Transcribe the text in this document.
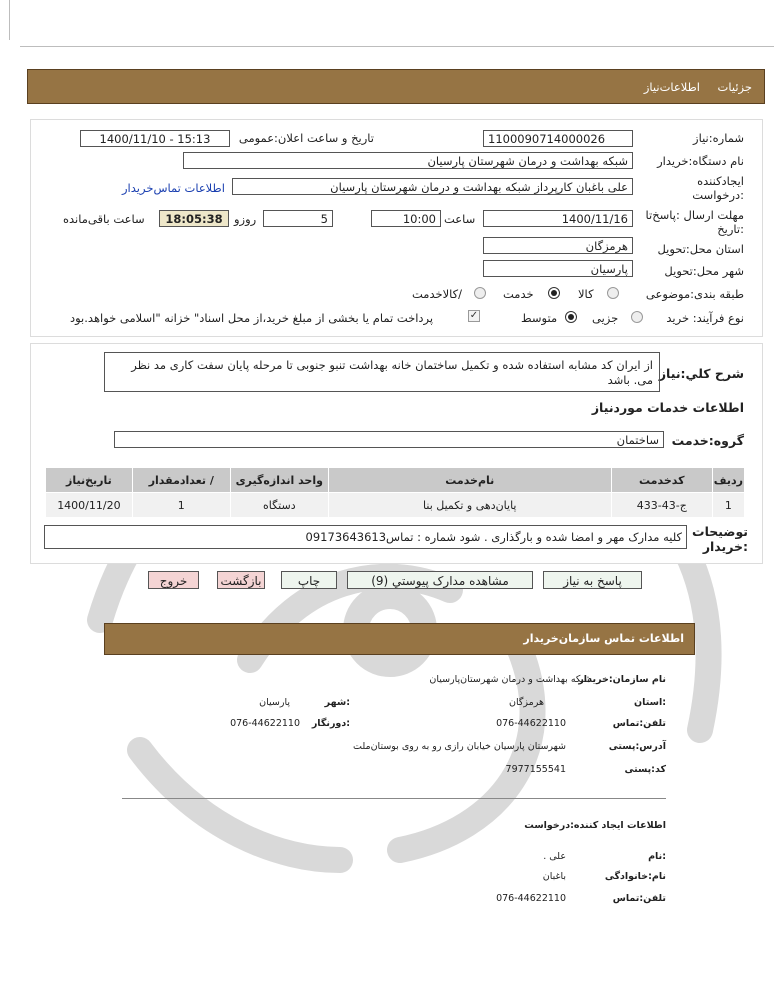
جزئیات
اطلاعات‌نیاز
شماره:نیاز
1100090714000026
تاریخ و ساعت اعلان:عمومی
1400/11/10 - 15:13
نام دستگاه:خریدار
شبکه بهداشت و درمان شهرستان پارسیان
ایجادکننده
:درخواست
علی باغبان کارپرداز شبکه بهداشت و درمان شهرستان پارسیان
اطلاعات تماس‌خریدار
مهلت ارسال :پاسخ‌تا
:تاریخ
1400/11/16
ساعت
10:00
5
روزو
18:05:38
ساعت باقی‌مانده
استان محل:تحویل
هرمزگان
شهر محل:تحویل
پارسیان
طبقه بندی:موضوعی
کالا
خدمت
/کالاخدمت
نوع فرآیند: خرید
جزیی
متوسط
✓
پرداخت تمام یا بخشی از مبلغ خرید،از محل اسناد" خزانه "اسلامی خواهد.بود
شرح کلي:نياز
از ایران کد مشابه استفاده شده و تکمیل ساختمان خانه بهداشت تنبو جنوبی تا مرحله پایان سفت کاری مد نظر می. باشد
اطلاعات خدمات موردنیاز
گروه:خدمت
ساختمان
ردیف	کدخدمت	نام‌خدمت	واحد اندازه‌گیری	/ تعدادمقدار	تاریخ‌نیاز
1	ج-43-433	پایان‌دهی و تکمیل بنا	دستگاه	1	1400/11/20
توضیحات
:خریدار
کلیه مدارک مهر و امضا شده و بارگذاری . شود شماره : تماس09173643613
پاسخ به نیاز
مشاهده مدارک پیوستي (9)
چاپ
بازگشت
خروج
اطلاعات تماس سازمان‌خریدار
نام سازمان:خریدار
شبکه بهداشت و درمان شهرستان‌پارسیان
:استان
هرمزگان
:شهر
پارسیان
تلفن:تماس
076-44622110
:دورنگار
076-44622110
آدرس:پستی
شهرستان پارسیان خیابان رازی رو به روی بوستان‌ملت
کد:پستی
7977155541
اطلاعات ایجاد کننده:درخواست
:نام
علی .
نام:خانوادگی
باغبان
تلفن:تماس
076-44622110
